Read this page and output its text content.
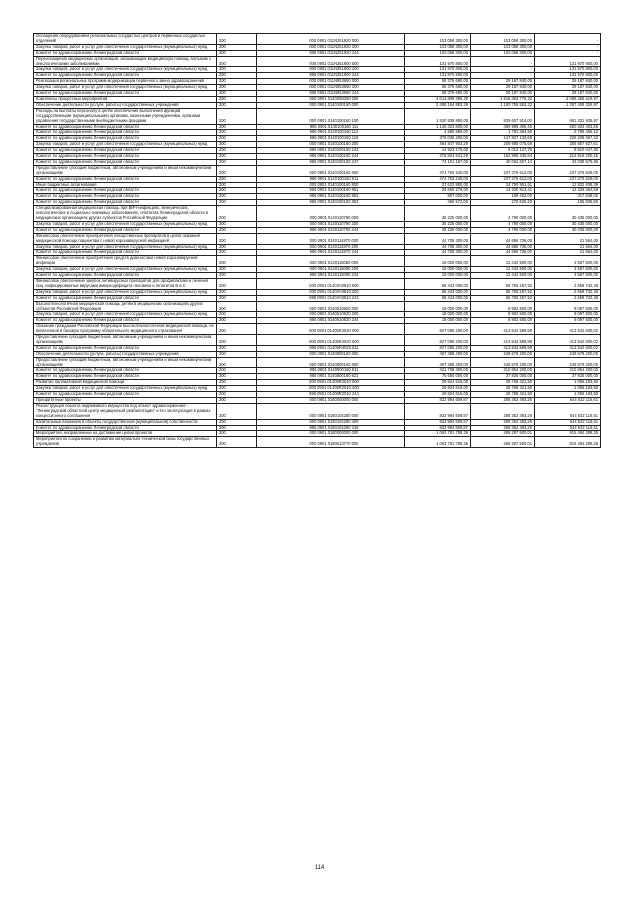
Оснащение оборудованием региональных сосудистых центров и первичных сосудистых отделений	200	000 0901 011N251920 000	103 058 300,00	103 058 300,00	-
Закупка товаров, работ и услуг для обеспечения государственных (муниципальных) нужд	200	000 0901 011N251920 200	103 058 300,00	103 058 300,00	-
Комитет по здравоохранению Ленинградской области	200	986 0901 011N251920 244	103 058 300,00	103 058 300,00	-
Переоснащение медицинских организаций, оказывающих медицинскую помощь больным с онкологическими заболеваниями	200	000 0901 011N351900 000	131 970 800,00	-	131 970 800,00
Закупка товаров, работ и услуг для обеспечения государственных (муниципальных) нужд	200	000 0901 011N351900 200	131 970 800,00	-	131 970 800,00
Комитет по здравоохранению Ленинградской области	200	986 0901 011N351900 244	131 970 800,00	-	131 970 800,00
Реализация региональных программ модернизации первичного звена здравоохранения	200	000 0901 011N953650 000	58 375 680,00	29 187 840,00	29 187 840,00
Закупка товаров, работ и услуг для обеспечения государственных (муниципальных) нужд	200	000 0901 011N953650 200	58 375 680,00	29 187 840,00	29 187 840,00
Комитет по здравоохранению Ленинградской области	200	986 0901 011N953650 244	58 375 680,00	29 187 840,00	29 187 840,00
Комплексы процессных мероприятий	200	000 0901 0140000000 000	4 014 809 396,29	1 916 353 776,32	2 098 455 619,97
Обеспечение деятельности (услуги, работы) государственных учреждений	200	000 0901 0140100160 000	2 488 164 883,29	1 100 755 553,32	1 387 409 329,97
Расходы на выплаты персоналу в целях обеспечения выполнения функций государственными (муниципальными) органами, казенными учреждениями, органами управления государственными внебюджетными фондами	200	000 0901 0140100160 100	1 520 939 850,00	839 607 914,03	681 331 935,97
Комитет по здравоохранению Ленинградской области	200	986 0901 0140100160 111	1 140 323 800,00	489 989 396,45	650 334 403,55
Комитет по здравоохранению Ленинградской области	200	986 0901 0140100160 112	4 580 850,00	1 791 384,50	2 789 465,10
Комитет по здравоохранению Ленинградской области	200	986 0901 0140100160 119	376 035 200,00	147 827 132,68	228 208 067,32
Закупка товаров, работ и услуг для обеспечения государственных (муниципальных) нужд	200	000 0901 0140100160 200	464 847 903,29	208 980 075,68	255 867 827,61
Комитет по здравоохранению Ленинградской области	200	986 0901 0140100160 242	14 922 175,00	6 012 127,70	8 910 047,30
Комитет по здравоохранению Ленинградской области	200	986 0901 0140100160 244	375 824 541,29	162 905 340,84	212 919 200,45
Комитет по здравоохранению Ленинградской области	200	986 0901 0140100160 247	74 101 187,00	40 062 607,14	34 038 579,86
Предоставление субсидий бюджетным, автономным учреждениям и иным некоммерческим организациям	200	000 0901 0140100160 600	474 753 240,00	237 376 612,00	237 376 628,00
Комитет по здравоохранению Ленинградской области	200	986 0901 0140100160 611	474 753 240,00	237 376 612,00	237 376 628,00
Иные бюджетные ассигнования	200	000 0901 0140100160 800	27 623 850,00	14 790 951,61	12 832 938,39
Комитет по здравоохранению Ленинградской области	200	986 0901 0140100160 851	26 660 278,00	14 330 913,41	12 329 364,59
Комитет по здравоохранению Ленинградской области	200	986 0901 0140100160 852	507 000,00	189 402,00	317 638,00
Комитет по здравоохранению Ленинградской области	200	986 0901 0140100160 853	456 572,00	270 636,20	185 935,80
Специализированная медицинская помощь при ВИЧ-инфекциях, венерических, онкологических и социально значимых заболеваниях, гепатитах Ленинградской области в медицинских организациях других субъектов Российской Федерации	200	000 0901 0140110790 000	35 225 000,00	4 790 000,00	30 435 000,00
Закупка товаров, работ и услуг для обеспечения государственных (муниципальных) нужд	200	000 0901 0140110790 200	35 225 000,00	4 790 000,00	30 435 000,00
Комитет по здравоохранению Ленинградской области	200	986 0901 0140110790 244	35 225 000,00	4 790 000,00	30 435 000,00
Финансовое обеспечение приобретения лекарственных препаратов в целях оказания медицинской помощи пациентам с новой коронавирусной инфекцией	200	000 0901 0140114870 000	44 708 300,00	44 686 736,00	21 564,00
Закупка товаров, работ и услуг для обеспечения государственных (муниципальных) нужд	200	000 0901 0140114870 200	44 708 300,00	44 686 736,00	21 564,00
Комитет по здравоохранению Ленинградской области	200	986 0901 0140114870 244	44 708 300,00	44 686 736,00	21 564,00
Финансовое обеспечение приобретения средств диагностики новой коронавирусной инфекции	200	000 0901 0140115080 000	16 000 000,00	12 442 500,00	3 557 500,00
Закупка товаров, работ и услуг для обеспечения государственных (муниципальных) нужд	200	000 0901 0140115080 200	16 000 000,00	12 442 500,00	3 557 500,00
Комитет по здравоохранению Ленинградской области	200	986 0901 0140115080 244	16 000 000,00	12 442 500,00	3 557 500,00
Финансовое обеспечение закупок антивирусных препаратов для профилактики и лечения лиц, инфицированных вирусами иммунодефицита человека и гепатитов В и С	200	000 0901 01404Ч3810 000	58 443 000,00	55 783 267,52	2 659 732,48
Закупка товаров, работ и услуг для обеспечения государственных (муниципальных) нужд	200	000 0901 01404Ч3810 200	58 443 000,00	55 783 267,52	2 659 732,48
Комитет по здравоохранению Ленинградской области	200	986 0901 01404Ч3810 244	58 443 000,00	55 783 267,52	2 659 732,48
Высокотехнологичная медицинская помощь детям в медицинских организациях других субъектов Российской Федерации	200	000 0901 0140510820 000	18 000 000,00	8 902 500,00	9 097 500,00
Закупка товаров, работ и услуг для обеспечения государственных (муниципальных) нужд	200	000 0901 0140510820 200	18 000 000,00	8 902 500,00	9 097 500,00
Комитет по здравоохранению Ленинградской области	200	986 0901 0140510820 244	18 000 000,00	8 902 500,00	9 097 500,00
Оказание гражданам Российской Федерации высокотехнологичной медицинской помощи, не включенной в базовую программу обязательного медицинского страхования	200	000 0901 01405R4020 000	827 085 200,00	413 542 599,98	413 542 600,02
Предоставление субсидий бюджетным, автономным учреждениям и иным некоммерческим организациям	200	000 0901 01405R4020 600	827 085 200,00	413 542 599,98	413 542 600,02
Комитет по здравоохранению Ленинградской области	200	986 0901 01405R4020 611	827 085 200,00	413 542 599,98	413 542 600,02
Обеспечение деятельности (услуги, работы) государственных учреждений	200	000 0901 0140800160 000	497 358 400,00	248 679 200,00	248 679 200,00
Предоставление субсидий бюджетным, автономным учреждениям и иным некоммерческим организациям	200	000 0901 0140800160 600	497 358 400,00	248 679 200,00	248 679 200,00
Комитет по здравоохранению Ленинградской области	200	986 0901 0140800160 611	421 708 400,00	210 854 200,00	210 854 200,00
Комитет по здравоохранению Ленинградской области	200	986 0901 0140800160 621	75 650 000,00	37 825 000,00	37 825 000,00
Развитие паллиативной медицинской помощи	200	000 0901 01408R2010 000	29 824 615,00	28 768 421,50	1 056 193,50
Закупка товаров, работ и услуг для обеспечения государственных (муниципальных) нужд	200	000 0901 01408R2010 200	29 824 615,00	28 768 421,50	1 056 193,50
Комитет по здравоохранению Ленинградской области	200	986 0901 01408R2010 244	29 824 615,00	28 768 421,50	1 056 193,50
Приоритетные проекты	200	000 0901 0160000000 000	832 994 609,87	288 362 493,26	544 632 116,61
Реконструкция объекта недвижимого имущества под объект здравоохранения - "Ленинградский областной центр медицинской реабилитации" и его эксплуатация в рамках концессионного соглашения	200	000 0901 0160104280 000	832 994 609,87	288 362 493,26	544 632 116,61
Капитальные вложения в объекты государственной (муниципальной) собственности	200	000 0901 0160104280 400	832 994 609,87	288 362 493,26	544 632 116,61
Комитет по здравоохранению Ленинградской области	200	986 0901 0160104280 415	832 994 609,87	288 362 493,26	544 632 116,61
Мероприятия, направленные на достижение целей проектов	200	000 0901 0180000000 000	1 063 781 788,36	288 297 500,01	815 484 288,35
Мероприятия по сохранению и развитию материально-технической базы государственных учреждений	200	000 0901 0180613770 000	1 063 781 788,36	288 297 500,01	815 484 288,35
114
